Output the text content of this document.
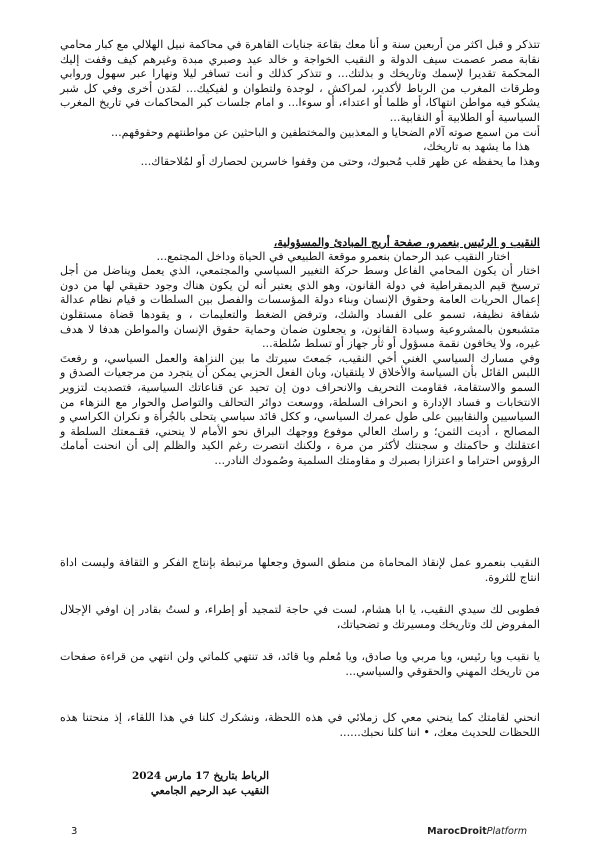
تتذكر و قبل اكثر من أربعين سنة و أنا معك بقاعة جنايات القاهرة في محاكمة نبيل الهلالي مع كبار محامي نقابة مصر عصمت سيف الدولة و النقيب الخواجة و خالد عيد وصبري مبدة وغيرهم كيف وقفت إليك المحكمة تقديرا لإسمك وتاريخك و بذلتك... و تتذكر كذلك و أنت تسافر ليلا ونهارا عبر سهول وروابي وطرقات المغرب من الرباط لأكدير، لمراكش ، لوجدة ولتطوان و لفيكيك... لمَدن أخرى وفي كل شبر يشكو فيه مواطن انتهاكا، أو ظلما أو اعتداء، أو سوءا... و امام جلسات كبر المحاكمات في تاريخ المغرب السياسية أو الطلابية أو النقابية...

أنت من اسمع صوته آلام الضحايا و المعذبين والمختطفين و الباحثين عن مواطنتهم وحقوقهم...

هذا ما يشهد به تاريخك،

وهذا ما يحفظه عن ظهر قلب مُحبوك، وحتى من وقفوا خاسرين لحصارك أو لمُلاحقاك...

النقيب و الرئيس بنعمرو، صفحة أريج المبادئ والمسؤولية،

اختار النقيب عبد الرحمان بنعمرو موقعة الطبيعي في الحياة وداخل المجتمع...

اختار أن يكون المحامي الفاعل وسط حركة التغيير السياسي والمجتمعي، الذي يعمل ويناضل من أجل ترسيخ قيم الديمقراطية في دولة القانون، وهو الذي يعتبر أنه لن يكون هناك وجود حقيقي لها من دون إعمال الحريات العامة وحقوق الإنسان وبناء دولة المؤسسات والفصل بين السلطات و قيام نظام عدالة شفافة نظيفة، تسمو على الفساد والشك، وترفض الضغط والتعليمات ، و يقودها قضاة مستقلون متشبعون بالمشروعية وسيادة القانون، و يجعلون ضمان وحماية حقوق الإنسان والمواطن هدفا لا هدف غيره، ولا يخافون نقمة مسؤول أو ثأر جهاز أو تسلط سُلطة...

وفي مسارك السياسي الغني أخي النقيب، جَمعتَ سيرتك ما بين النزاهة والعمل السياسي، و رفعتَ اللبس القائل بأن السياسة والأخلاق لا يلتقيان، وبان الفعل الحزبي يمكن أن يتجرد من مرجعيات الصدق و السمو والاستقامة، فقاومت التحريف والانحراف دون إن تحيد عن قناعاتك السياسية، فتصديت لتزوير الانتخابات و فساد الإدارة و انحراف السلطة، ووسعت دوائر التحالف والتواصل والحوار مع النزهاء من السياسيين والنقابيين على طول عمرك السياسي، و ككل قائد سياسي يتحلى بالجُرأة و نكران الكراسي و المصالح ، أديت الثمن؛ و راسك العالي موفوع ووجهك البراق نحو الأمام لا ينحني، فقـمعتك السلطة و اعتقلتك و حاكمتك و سجنتك لأكثر من مرة ، ولكنك انتصرت رغم الكيد والظلم إلى أن انحنت أمامك الرؤوس احتراما و اعتزازا بصبرك و مقاومتك السلمية وصُمودك النادر...

النقيب بنعمرو عمل لإنقاذ المحاماة من منطق السوق وجعلها مرتبطة بإنتاج الفكر و الثقافة وليست اداة انتاج للثروة.

فطوبى لك سيدي النقيب، يا ابا هشام، لست في حاجة لتمجيد أو إطراء، و لستُ بقادر إن اوفي الإجلال المفروض لك وتاريخك ومسيرتك و تضحياتك،

يا نقيب ويا رئيس، ويا مربي ويا صادق، ويا مُعلم ويا قائد، قد تنتهي كلماتي ولن انتهي من قراءة صفحات من تاريخك المهني والحقوقي والسياسي...

انحني لقامتك كما ينحني معي كل زملائي في هذه اللحظة، ونشكرك كلنا في هذا اللقاء، إذ منحتنا هذه اللحظات للحديث معك، • اننا كلنا نحبك......

الرباط بتاريخ 17 مارس 2024
النقيب عبد الرحيم الجامعي
3	MarocDroitPlatform
